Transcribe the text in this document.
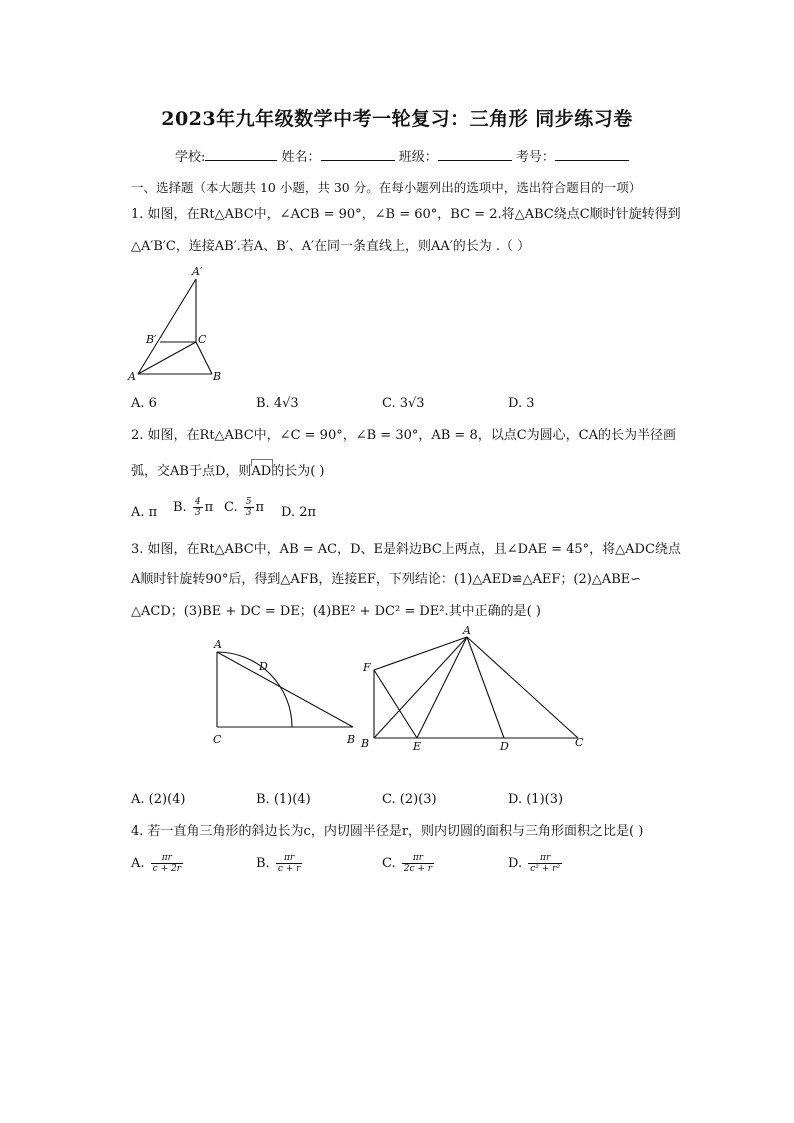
2023年九年级数学中考一轮复习：三角形 同步练习卷
学校:	姓名：	班级：	考号：
一、选择题（本大题共 10 小题，共 30 分。在每小题列出的选项中，选出符合题目的一项）
1. 如图，在Rt△ABC中，∠ACB = 90°，∠B = 60°，BC = 2.将△ABC绕点C顺时针旋转得到
△A′B′C，连接AB′.若A、B′、A′在同一条直线上，则AA′的长为 .（ ）
A′
B′	C
A	B
A. 6	B. 4√3	C. 3√3	D. 3
2. 如图，在Rt△ABC中，∠C = 90°，∠B = 30°，AB = 8，以点C为圆心，CA的长为半径画
弧，交AB于点D，则AD的长为( )
A. π B. $\frac{4}{3}$ π C. $\frac{5}{3}$ π D. 2π
3. 如图，在Rt△ABC中，AB = AC，D、E是斜边BC上两点，且∠DAE = 45°，将△ADC绕点
A顺时针旋转90°后，得到△AFB，连接EF，下列结论：(1)△AED≌△AEF；(2)△ABE∽
△ACD；(3)BE + DC = DE；(4)BE² + DC² = DE².其中正确的是( )
A
D
C	B
A
F
B	E	D	C
A. (2)(4)	B. (1)(4)	C. (2)(3)	D. (1)(3)
4. 若一直角三角形的斜边长为c，内切圆半径是r，则内切圆的面积与三角形面积之比是( )
A. $\frac{\pi r}{c + 2r}$	B. $\frac{\pi r}{c + r}$	C. $\frac{\pi r}{2c + r}$	D. $\frac{\pi r}{\text{c² + r²}}$
